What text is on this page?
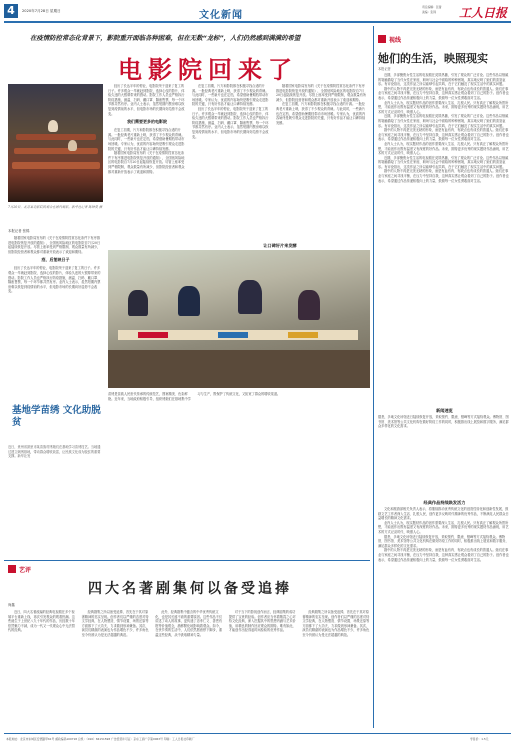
4	2020年7月28日 星期日	文化新闻
责任编辑：张蕾
美编：张锦 工人日报
在疫情防控常态化背景下，影院重开面临各种困难，但在无数“龙标”，人们仍然感到满满的希望
电影院回来了
7月20日，北京某电影院的观众在场内观影。新华社记者 陈钟昊 摄
本报记者 张锦

随着国家电影局发布的《关于在疫情防控常态化条件下有序推进电影院恢复开放的通知》，全国低风险地区的电影院自7月20日起陆续恢复开放。尽管上座率受到严格限制，观众数量有所减少，但影院经营者和观众都对重新开放表示了欢迎和期待。

疫、后复映日子

经历了长达半年的停业，电影院终于迎来了复工的日子。许多观众一早就赶到影院，选择心仪的影片，体验久违的大银幕带来的感动。影院工作人员也严格执行防疫措施，测温、扫码、戴口罩、隔座售票，每一个环节都井然有序。业内人士表示，虽然短期内票房难以恢复到疫情前的水平，但电影市场的长期向好趋势不会改变。

经历了长达半年的停业，电影院终于迎来了复工的日子。许多观众一早就赶到影院，选择心仪的影片，体验久违的大银幕带来的感动。影院工作人员也严格执行防疫措施，测温、扫码、戴口罩、隔座售票，每一个环节都井然有序。业内人士表示，虽然短期内票房难以恢复到疫情前的水平，但电影市场的长期向好趋势不会改变。

我们需要更多的电影院

在复工初期，片方和影院都在积极寻找合适的片源。一批经典老片重新上映，获得了不少观众的青睐。与此同时，一些新片也在定档，希望借助暑期档带动市场回暖。专家认为，优质的内容始终是吸引观众走进影院的关键，只有好作品才能让口碑持续发酵。

随着国家电影局发布的《关于在疫情防控常态化条件下有序推进电影院恢复开放的通知》，全国低风险地区的电影院自7月20日起陆续恢复开放。尽管上座率受到严格限制，观众数量有所减少，但影院经营者和观众都对重新开放表示了欢迎和期待。

在复工初期，片方和影院都在积极寻找合适的片源。一批经典老片重新上映，获得了不少观众的青睐。与此同时，一些新片也在定档，希望借助暑期档带动市场回暖。专家认为，优质的内容始终是吸引观众走进影院的关键，只有好作品才能让口碑持续发酵。

经历了长达半年的停业，电影院终于迎来了复工的日子。许多观众一早就赶到影院，选择心仪的影片，体验久违的大银幕带来的感动。影院工作人员也严格执行防疫措施，测温、扫码、戴口罩、隔座售票，每一个环节都井然有序。业内人士表示，虽然短期内票房难以恢复到疫情前的水平，但电影市场的长期向好趋势不会改变。

随着国家电影局发布的《关于在疫情防控常态化条件下有序推进电影院恢复开放的通知》，全国低风险地区的电影院自7月20日起陆续恢复开放。尽管上座率受到严格限制，观众数量有所减少，但影院经营者和观众都对重新开放表示了欢迎和期待。

在复工初期，片方和影院都在积极寻找合适的片源。一批经典老片重新上映，获得了不少观众的青睐。与此同时，一些新片也在定档，希望借助暑期档带动市场回暖。专家认为，优质的内容始终是吸引观众走进影院的关键，只有好作品才能让口碑持续发酵。

让口碑好片来发酵
基地学苗绣 文化助脱贫
近日，贵州省凯里市某苗族村绣娘们在基地学习苗绣技艺。当地通过建立刺绣基地，带动群众增收致富，让民族文化成为脱贫的重要支撑。新华社发
苗绣是苗族人民世代传承的传统技艺，图案精美、色彩鲜艳。近年来，当地政府积极引导，组织绣娘们在基地集中学习与生产，既保护了传统文化，又拓宽了群众的增收渠道。
视线
她们的生活，映照现实
本报记者

近期，多部聚焦女性生活的电视剧在荧屏热播，引发了观众的广泛讨论。这些作品以细腻的笔触描绘了当代女性在家庭、职场与社会中面临的种种困境，真实地反映了她们的喜怒哀乐。有评论指出，这类作品之所以能够引起共鸣，在于它们触及了现实生活中的真实问题。

剧中的人物不再是完美无缺的形象，而是有血有肉、有缺点也有成长的普通人。她们在事业与家庭之间寻找平衡，在压力中坚持自我，这种真实感让观众看到了自己的影子。创作者也表示，希望通过作品传递积极向上的力量，鼓励每一位女性勇敢面对生活。

业内人士认为，现实题材作品的创作需要深入生活、扎根人民。只有真正了解观众所思所想，才能创作出既有温度又有深度的好作品。未来，期待更多优秀的现实题材作品涌现，用艺术的方式记录时代、映照人心。

近期，多部聚焦女性生活的电视剧在荧屏热播，引发了观众的广泛讨论。这些作品以细腻的笔触描绘了当代女性在家庭、职场与社会中面临的种种困境，真实地反映了她们的喜怒哀乐。有评论指出，这类作品之所以能够引起共鸣，在于它们触及了现实生活中的真实问题。

剧中的人物不再是完美无缺的形象，而是有血有肉、有缺点也有成长的普通人。她们在事业与家庭之间寻找平衡，在压力中坚持自我，这种真实感让观众看到了自己的影子。创作者也表示，希望通过作品传递积极向上的力量，鼓励每一位女性勇敢面对生活。

业内人士认为，现实题材作品的创作需要深入生活、扎根人民。只有真正了解观众所思所想，才能创作出既有温度又有深度的好作品。未来，期待更多优秀的现实题材作品涌现，用艺术的方式记录时代、映照人心。

近期，多部聚焦女性生活的电视剧在荧屏热播，引发了观众的广泛讨论。这些作品以细腻的笔触描绘了当代女性在家庭、职场与社会中面临的种种困境，真实地反映了她们的喜怒哀乐。有评论指出，这类作品之所以能够引起共鸣，在于它们触及了现实生活中的真实问题。

剧中的人物不再是完美无缺的形象，而是有血有肉、有缺点也有成长的普通人。她们在事业与家庭之间寻找平衡，在压力中坚持自我，这种真实感让观众看到了自己的影子。创作者也表示，希望通过作品传递积极向上的力量，鼓励每一位女性勇敢面对生活。

新闻速览
据悉，多地文化场馆近日陆续恢复开放，采取预约、限流、错峰等方式接待观众。博物馆、图书馆、美术馆等公共文化机构在做好防疫工作的同时，积极推出线上展览和数字服务，满足群众多样化的文化需求。
经典作品持续焕发活力

文化和旅游部相关负责人表示，将继续推动优秀传统文化的创造性转化和创新性发展，鼓励文艺工作者深入生活、扎根人民，创作更多反映时代精神的优秀作品，不断满足人民群众日益增长的精神文化需求。

业内人士认为，现实题材作品的创作需要深入生活、扎根人民。只有真正了解观众所思所想，才能创作出既有温度又有深度的好作品。未来，期待更多优秀的现实题材作品涌现，用艺术的方式记录时代、映照人心。

据悉，多地文化场馆近日陆续恢复开放，采取预约、限流、错峰等方式接待观众。博物馆、图书馆、美术馆等公共文化机构在做好防疫工作的同时，积极推出线上展览和数字服务，满足群众多样化的文化需求。

剧中的人物不再是完美无缺的形象，而是有血有肉、有缺点也有成长的普通人。她们在事业与家庭之间寻找平衡，在压力中坚持自我，这种真实感让观众看到了自己的影子。创作者也表示，希望通过作品传递积极向上的力量，鼓励每一位女性勇敢面对生活。

艺评
四大名著剧集何以备受追捧
尚鑫

近日，四大名著改编的经典电视剧在多个视频平台重新上线，再次引发观众的观看热潮。这些诞生于上世纪八九十年代的作品，历经数十年依然魅力不减，成为一代又一代观众心中无法替代的经典。

经典剧集之所以备受追捧，首先在于其对原著精神的忠实呈现。创作者们以严谨的态度对待文学经典，在人物塑造、情节设置、场景还原等方面都下了大功夫，力求做到形神兼备。其次，演员们精湛的表演也为作品增色不少，许多角色至今仍被认为是无法超越的典范。

此外，经典剧集中蕴含的中华优秀传统文化，也是其长盛不衰的重要原因。这些作品不仅讲述了动人的故事，更传递了忠孝仁义、善恶有报等价值观念，潜移默化地影响着观众。如今，在快节奏的生活中，人们依然愿意停下脚步，重温这些经典，从中汲取精神力量。

对于当下的影视创作而言，经典剧集的成功提供了宝贵的经验。创作者应当怀着敬畏之心对待文化经典，深入挖掘其中的思想内涵与艺术价值，用精良的制作回应观众的期待。唯有如此，才能创作出经得起时间检验的优秀作品。

经典剧集之所以备受追捧，首先在于其对原著精神的忠实呈现。创作者们以严谨的态度对待文学经典，在人物塑造、情节设置、场景还原等方面都下了大功夫，力求做到形神兼备。其次，演员们精湛的表演也为作品增色不少，许多角色至今仍被认为是无法超越的典范。

本报地址：北京市东城区安德路甲61号 邮政编码100718 总机：（010）84151598 广告经营许可证：京东工商广字第0063号 印刷：工人日报社印刷厂	零售价：1.5元
